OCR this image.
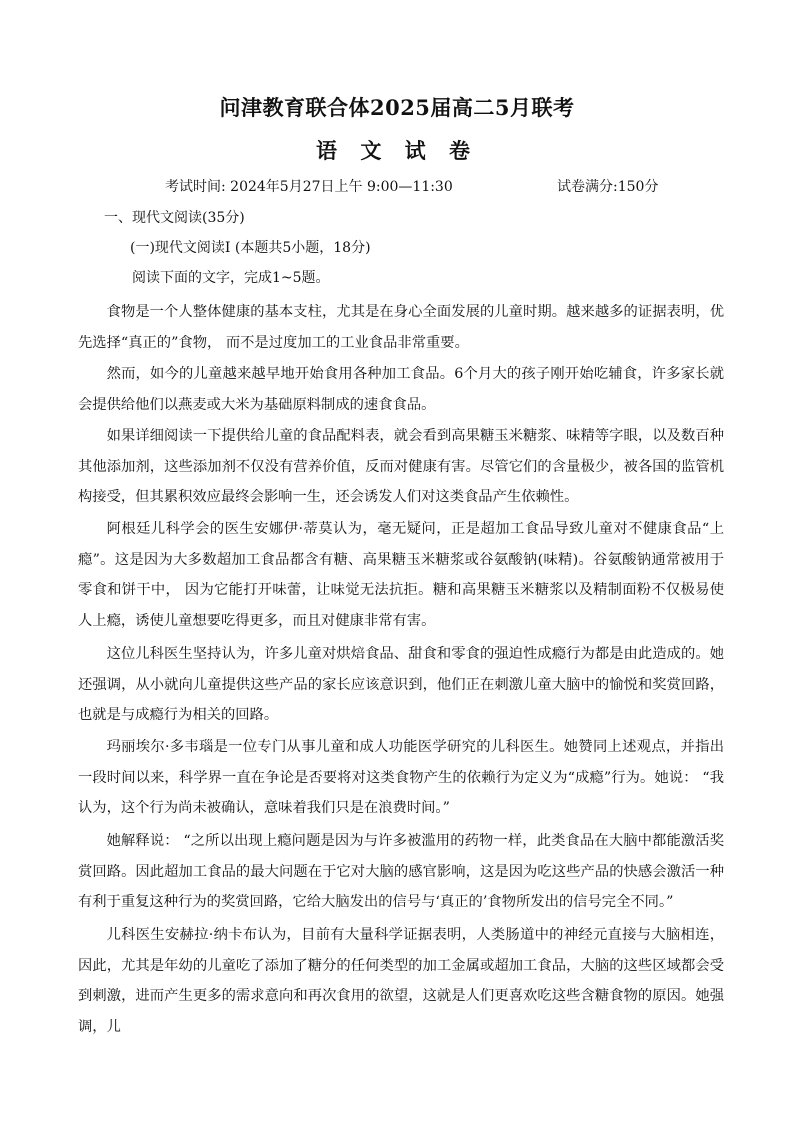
问津教育联合体2025届高二5月联考
语 文 试 卷
考试时间: 2024年5月27日上午 9:00—11:30	试卷满分:150分
一、现代文阅读(35分)
(一)现代文阅读Ⅰ (本题共5小题，18分)
阅读下面的文字，完成1~5题。
食物是一个人整体健康的基本支柱，尤其是在身心全面发展的儿童时期。越来越多的证据表明，优先选择“真正的”食物， 而不是过度加工的工业食品非常重要。
然而，如今的儿童越来越早地开始食用各种加工食品。6个月大的孩子刚开始吃辅食，许多家长就会提供给他们以燕麦或大米为基础原料制成的速食食品。
如果详细阅读一下提供给儿童的食品配料表，就会看到高果糖玉米糖浆、味精等字眼，以及数百种其他添加剂，这些添加剂不仅没有营养价值，反而对健康有害。尽管它们的含量极少，被各国的监管机构接受，但其累积效应最终会影响一生，还会诱发人们对这类食品产生依赖性。
阿根廷儿科学会的医生安娜伊·蒂莫认为，毫无疑问，正是超加工食品导致儿童对不健康食品“上瘾”。这是因为大多数超加工食品都含有糖、高果糖玉米糖浆或谷氨酸钠(味精)。谷氨酸钠通常被用于零食和饼干中， 因为它能打开味蕾，让味觉无法抗拒。糖和高果糖玉米糖浆以及精制面粉不仅极易使人上瘾，诱使儿童想要吃得更多，而且对健康非常有害。
这位儿科医生坚持认为，许多儿童对烘焙食品、甜食和零食的强迫性成瘾行为都是由此造成的。她还强调，从小就向儿童提供这些产品的家长应该意识到，他们正在刺激儿童大脑中的愉悦和奖赏回路，也就是与成瘾行为相关的回路。
玛丽埃尔·多韦瑙是一位专门从事儿童和成人功能医学研究的儿科医生。她赞同上述观点，并指出一段时间以来，科学界一直在争论是否要将对这类食物产生的依赖行为定义为“成瘾”行为。她说： “我认为，这个行为尚未被确认，意味着我们只是在浪费时间。”
她解释说： “之所以出现上瘾问题是因为与许多被滥用的药物一样，此类食品在大脑中都能激活奖赏回路。因此超加工食品的最大问题在于它对大脑的感官影响，这是因为吃这些产品的快感会激活一种有利于重复这种行为的奖赏回路，它给大脑发出的信号与‘真正的’食物所发出的信号完全不同。”
儿科医生安赫拉·纳卡布认为，目前有大量科学证据表明，人类肠道中的神经元直接与大脑相连，因此，尤其是年幼的儿童吃了添加了糖分的任何类型的加工金属或超加工食品，大脑的这些区域都会受到刺激，进而产生更多的需求意向和再次食用的欲望，这就是人们更喜欢吃这些含糖食物的原因。她强调，儿
